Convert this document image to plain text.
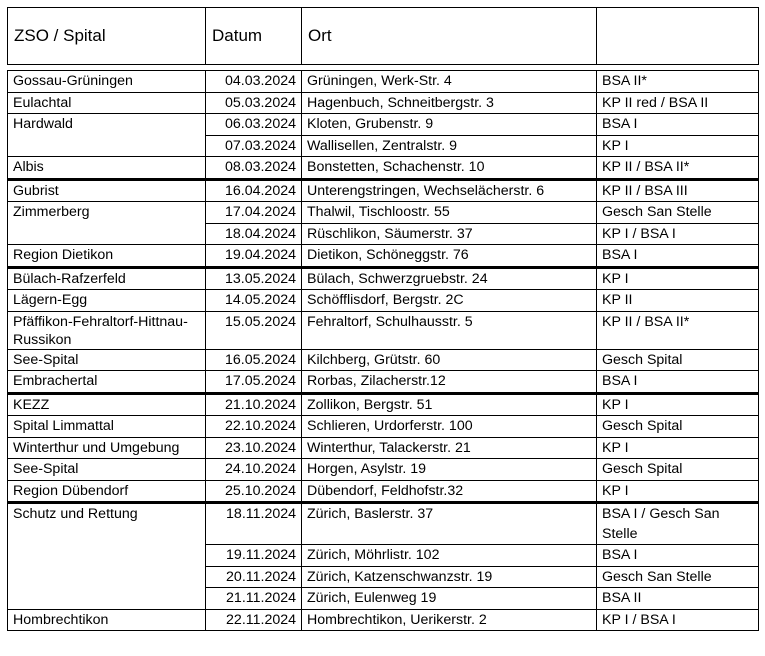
ZSO / Spital	Datum	Ort	

Gossau-Grüningen	04.03.2024	Grüningen, Werk-Str. 4	BSA II*
Eulachtal	05.03.2024	Hagenbuch, Schneitbergstr. 3	KP II red / BSA II
Hardwald	06.03.2024	Kloten, Grubenstr. 9	BSA I
	07.03.2024	Wallisellen, Zentralstr. 9	KP I
Albis	08.03.2024	Bonstetten, Schachenstr. 10	KP II / BSA II*
Gubrist	16.04.2024	Unterengstringen, Wechselächerstr. 6	KP II / BSA III
Zimmerberg	17.04.2024	Thalwil, Tischloostr. 55	Gesch San Stelle
	18.04.2024	Rüschlikon, Säumerstr. 37	KP I / BSA I
Region Dietikon	19.04.2024	Dietikon, Schöneggstr. 76	BSA I
Bülach-Rafzerfeld	13.05.2024	Bülach, Schwerzgruebstr. 24	KP I
Lägern-Egg	14.05.2024	Schöfflisdorf, Bergstr. 2C	KP II
Pfäffikon-Fehraltorf-Hittnau-Russikon	15.05.2024	Fehraltorf, Schulhausstr. 5	KP II / BSA II*
See-Spital	16.05.2024	Kilchberg, Grütstr. 60	Gesch Spital
Embrachertal	17.05.2024	Rorbas, Zilacherstr.12	BSA I
KEZZ	21.10.2024	Zollikon, Bergstr. 51	KP I
Spital Limmattal	22.10.2024	Schlieren, Urdorferstr. 100	Gesch Spital
Winterthur und Umgebung	23.10.2024	Winterthur, Talackerstr. 21	KP I
See-Spital	24.10.2024	Horgen, Asylstr. 19	Gesch Spital
Region Dübendorf	25.10.2024	Dübendorf, Feldhofstr.32	KP I
Schutz und Rettung	18.11.2024	Zürich, Baslerstr. 37	BSA I / Gesch San Stelle
	19.11.2024	Zürich, Möhrlistr. 102	BSA I
	20.11.2024	Zürich, Katzenschwanzstr. 19	Gesch San Stelle
	21.11.2024	Zürich, Eulenweg 19	BSA II
Hombrechtikon	22.11.2024	Hombrechtikon, Uerikerstr. 2	KP I / BSA I
